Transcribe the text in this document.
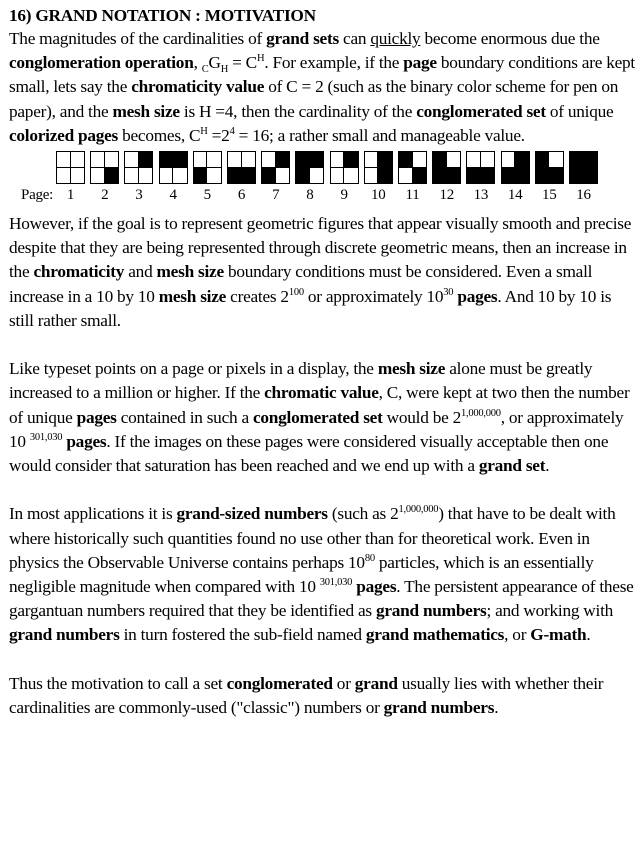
16) GRAND NOTATION : MOTIVATION

The magnitudes of the cardinalities of grand sets can quickly become enormous due the conglomeration operation, $_CG_H = C^H$. For example, if the page boundary conditions are kept small, lets say the chromaticity value of C = 2 (such as the binary color scheme for pen on paper), and the mesh size is H =4, then the cardinality of the conglomerated set of unique colorized pages becomes, $C^H =2^4 = 16$; a rather small and manageable value.

Page: 1	2	3	4	5	6	7	8	9	10 11 12 13 14 15 16

However, if the goal is to represent geometric figures that appear visually smooth and precise despite that they are being represented through discrete geometric means, then an increase in the chromaticity and mesh size boundary conditions must be considered. Even a small increase in a 10 by 10 mesh size creates $2^{100}$ or approximately $10^{30}$ pages. And 10 by 10 is still rather small.

Like typeset points on a page or pixels in a display, the mesh size alone must be greatly increased to a million or higher. If the chromatic value, C, were kept at two then the number of unique pages contained in such a conglomerated set would be 2$^{1,000,000}$, or approximately 10 $^{301,030}$ pages. If the images on these pages were considered visually acceptable then one would consider that saturation has been reached and we end up with a grand set.

In most applications it is grand-sized numbers (such as 2$^{1,000,000}$) that have to be dealt with where historically such quantities found no use other than for theoretical work. Even in physics the Observable Universe contains perhaps $10^{80}$ particles, which is an essentially negligible magnitude when compared with 10 $^{301,030}$ pages. The persistent appearance of these gargantuan numbers required that they be identified as grand numbers; and working with grand numbers in turn fostered the sub-field named grand mathematics, or G-math.

Thus the motivation to call a set conglomerated or grand usually lies with whether their cardinalities are commonly-used ("classic") numbers or grand numbers.
